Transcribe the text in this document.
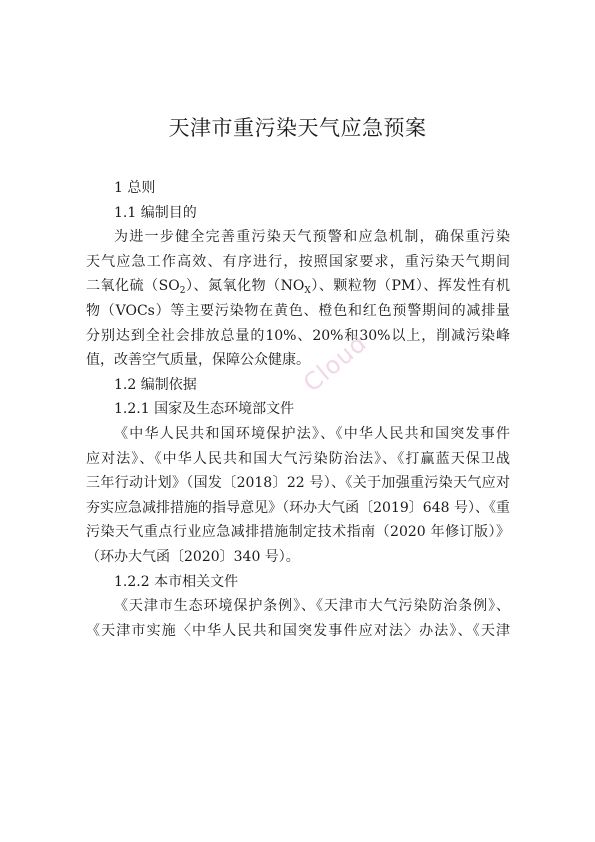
天津市重污染天气应急预案

1 总则

1.1 编制目的

为进一步健全完善重污染天气预警和应急机制，确保重污染

天气应急工作高效、有序进行，按照国家要求，重污染天气期间

二氧化硫$(SO_2)$、氮氧化物$(NO_X)$、颗粒物（PM）、挥发性有机

物（VOCs）等主要污染物在黄色、橙色和红色预警期间的减排量

分别达到全社会排放总量的10%、20%和30%以上，削减污染峰

值，改善空气质量，保障公众健康。

1.2 编制依据

1.2.1 国家及生态环境部文件

《中华人民共和国环境保护法》、《中华人民共和国突发事件

应对法》、《中华人民共和国大气污染防治法》、《打赢蓝天保卫战

三年行动计划》（国发〔2018〕22 号）、《关于加强重污染天气应对

夯实应急减排措施的指导意见》（环办大气函〔2019〕648 号）、《重

污染天气重点行业应急减排措施制定技术指南（2020 年修订版）》

（环办大气函〔2020〕340 号）。

1.2.2 本市相关文件

《天津市生态环境保护条例》、《天津市大气污染防治条例》、

《天津市实施〈中华人民共和国突发事件应对法〉办法》、《天津

Cloud
